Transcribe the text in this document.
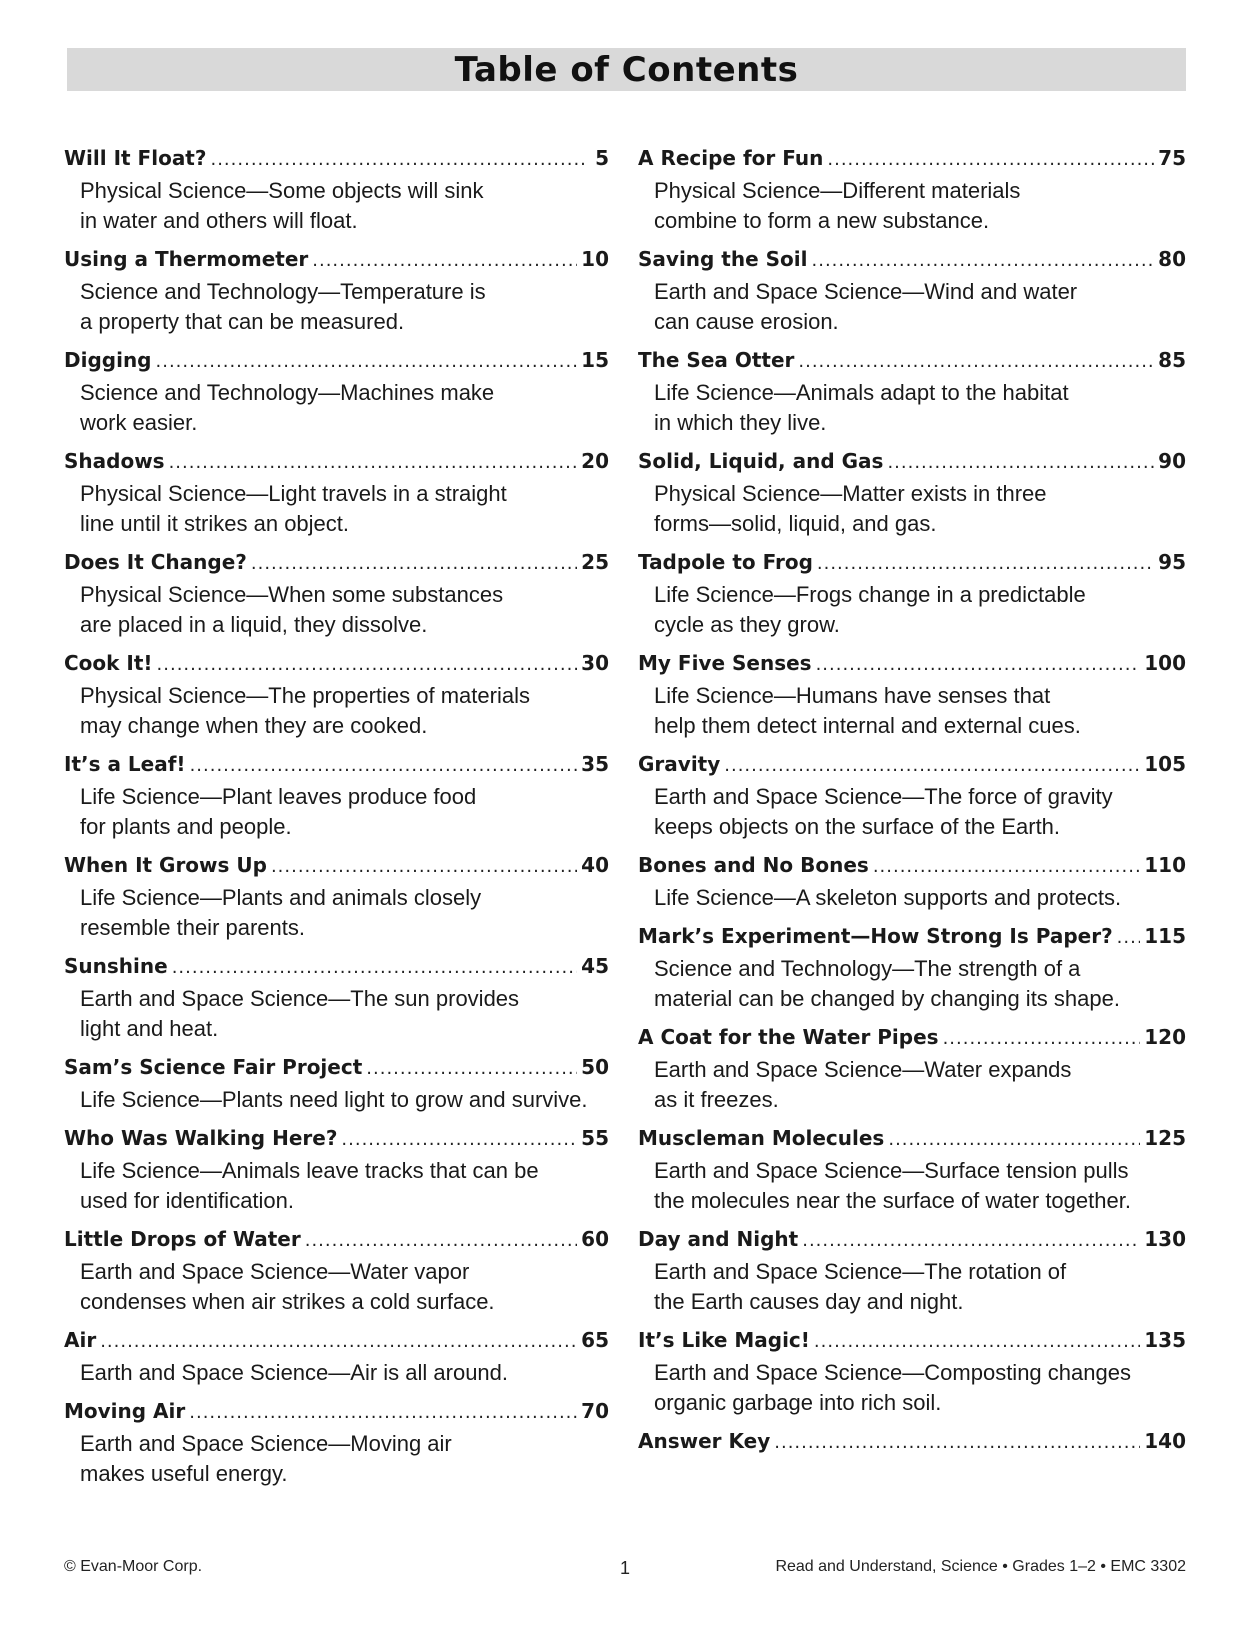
Table of Contents
Will It Float? .....	5
Physical Science—Some objects will sink
in water and others will float.
Using a Thermometer .....	10
Science and Technology—Temperature is
a property that can be measured.
Digging .....	15
Science and Technology—Machines make
work easier.
Shadows .....	20
Physical Science—Light travels in a straight
line until it strikes an object.
Does It Change? .....	25
Physical Science—When some substances
are placed in a liquid, they dissolve.
Cook It! .....	30
Physical Science—The properties of materials
may change when they are cooked.
It’s a Leaf! .....	35
Life Science—Plant leaves produce food
for plants and people.
When It Grows Up .....	40
Life Science—Plants and animals closely
resemble their parents.
Sunshine .....	45
Earth and Space Science—The sun provides
light and heat.
Sam’s Science Fair Project .....	50
Life Science—Plants need light to grow and survive.
Who Was Walking Here? .....	55
Life Science—Animals leave tracks that can be
used for identification.
Little Drops of Water .....	60
Earth and Space Science—Water vapor
condenses when air strikes a cold surface.
Air .....	65
Earth and Space Science—Air is all around.
Moving Air .....	70
Earth and Space Science—Moving air
makes useful energy.
A Recipe for Fun .....	75
Physical Science—Different materials
combine to form a new substance.
Saving the Soil .....	80
Earth and Space Science—Wind and water
can cause erosion.
The Sea Otter .....	85
Life Science—Animals adapt to the habitat
in which they live.
Solid, Liquid, and Gas .....	90
Physical Science—Matter exists in three
forms—solid, liquid, and gas.
Tadpole to Frog .....	95
Life Science—Frogs change in a predictable
cycle as they grow.
My Five Senses .....	100
Life Science—Humans have senses that
help them detect internal and external cues.
Gravity .....	105
Earth and Space Science—The force of gravity
keeps objects on the surface of the Earth.
Bones and No Bones .....	110
Life Science—A skeleton supports and protects.
Mark’s Experiment—How Strong Is Paper? ..... 115
Science and Technology—The strength of a
material can be changed by changing its shape.
A Coat for the Water Pipes .....	120
Earth and Space Science—Water expands
as it freezes.
Muscleman Molecules .....	125
Earth and Space Science—Surface tension pulls
the molecules near the surface of water together.
Day and Night .....	130
Earth and Space Science—The rotation of
the Earth causes day and night.
It’s Like Magic! .....	135
Earth and Space Science—Composting changes
organic garbage into rich soil.
Answer Key .....	140
© Evan-Moor Corp.	1	Read and Understand, Science • Grades 1–2 • EMC 3302
